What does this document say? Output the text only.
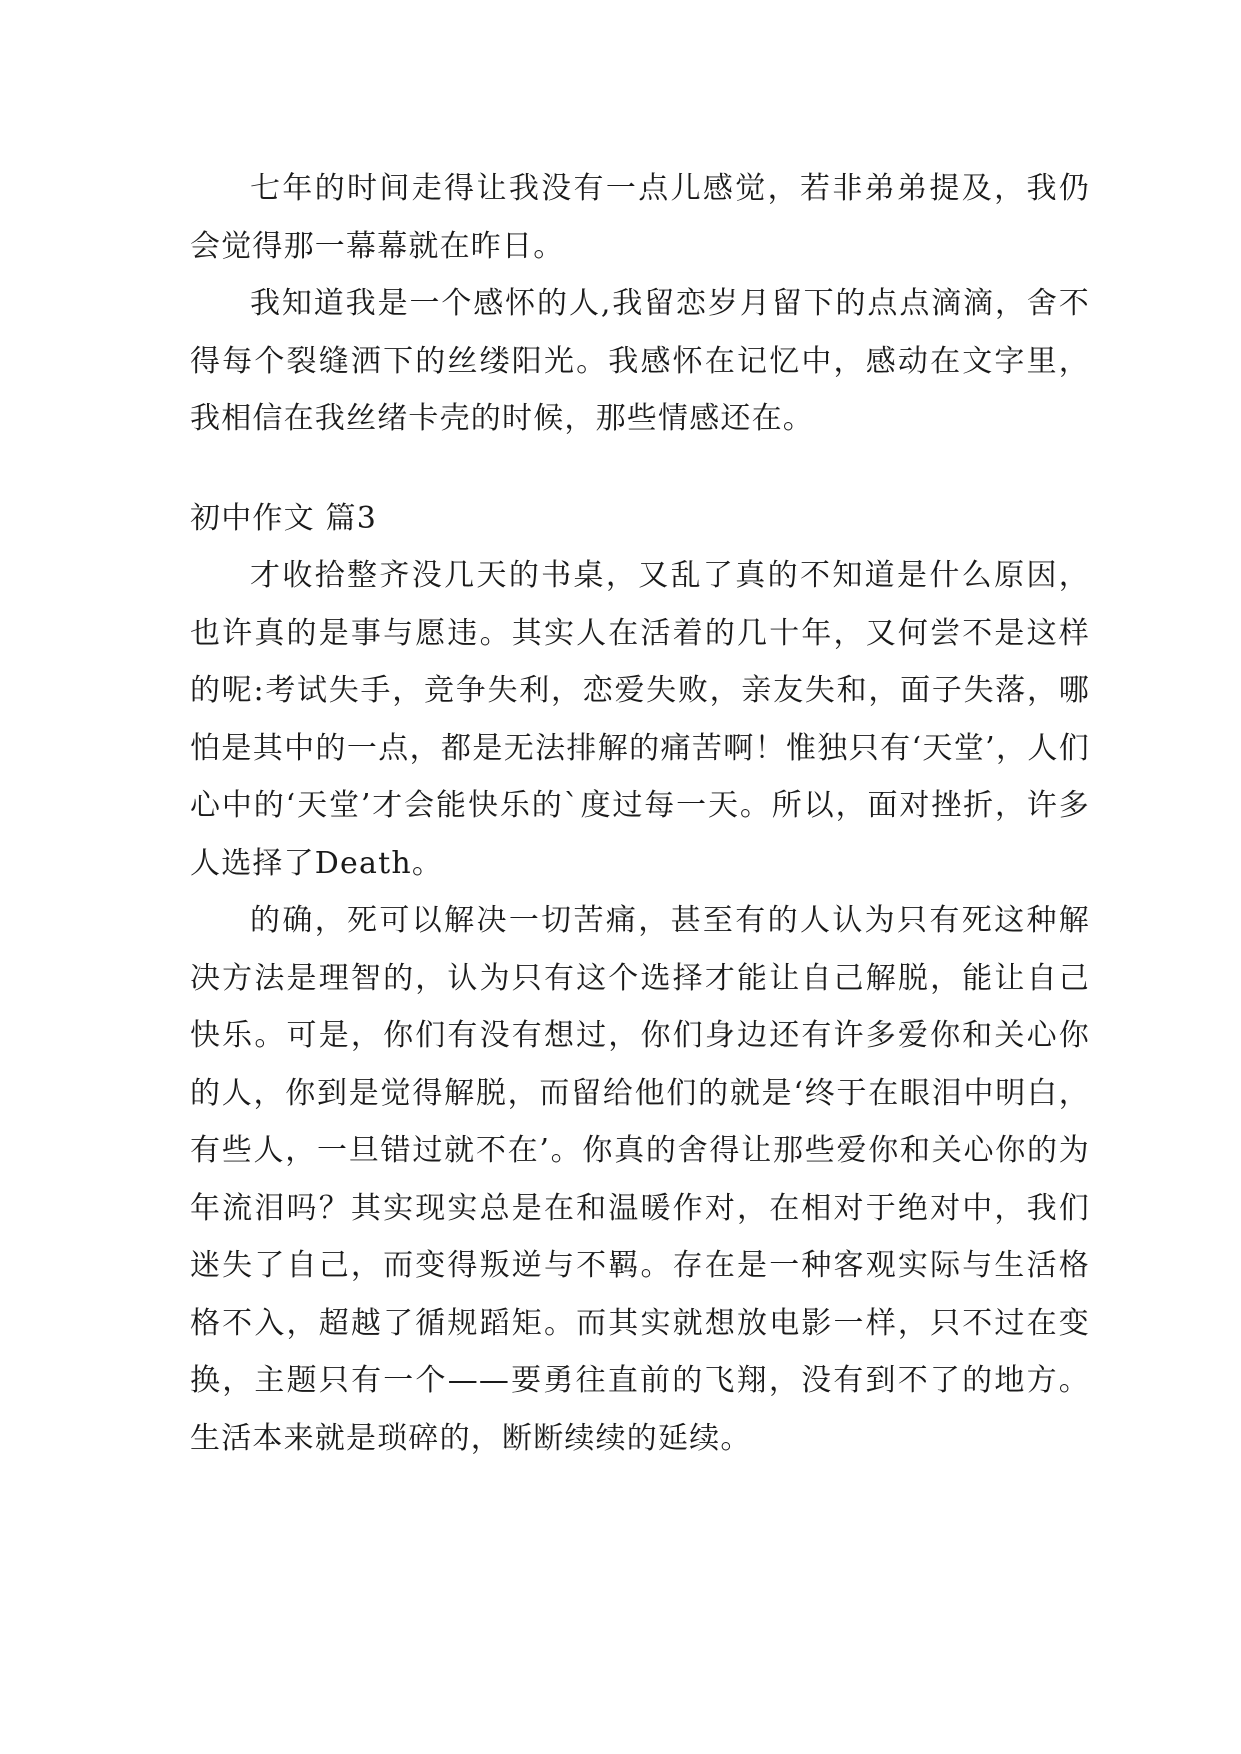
七年的时间走得让我没有一点儿感觉，若非弟弟提及，我仍会觉得那一幕幕就在昨日。

我知道我是一个感怀的人,我留恋岁月留下的点点滴滴，舍不得每个裂缝洒下的丝缕阳光。我感怀在记忆中，感动在文字里，我相信在我丝绪卡壳的时候，那些情感还在。

初中作文 篇3

才收拾整齐没几天的书桌，又乱了真的不知道是什么原因，也许真的是事与愿违。其实人在活着的几十年，又何尝不是这样的呢:考试失手，竞争失利，恋爱失败，亲友失和，面子失落，哪怕是其中的一点，都是无法排解的痛苦啊！惟独只有‘天堂’，人们心中的‘天堂’才会能快乐的`度过每一天。所以，面对挫折，许多人选择了Death。

的确，死可以解决一切苦痛，甚至有的人认为只有死这种解决方法是理智的，认为只有这个选择才能让自己解脱，能让自己快乐。可是，你们有没有想过，你们身边还有许多爱你和关心你的人，你到是觉得解脱，而留给他们的就是‘终于在眼泪中明白，有些人，一旦错过就不在’。你真的舍得让那些爱你和关心你的为年流泪吗？其实现实总是在和温暖作对，在相对于绝对中，我们迷失了自己，而变得叛逆与不羁。存在是一种客观实际与生活格格不入，超越了循规蹈矩。而其实就想放电影一样，只不过在变换，主题只有一个——要勇往直前的飞翔，没有到不了的地方。生活本来就是琐碎的，断断续续的延续。
